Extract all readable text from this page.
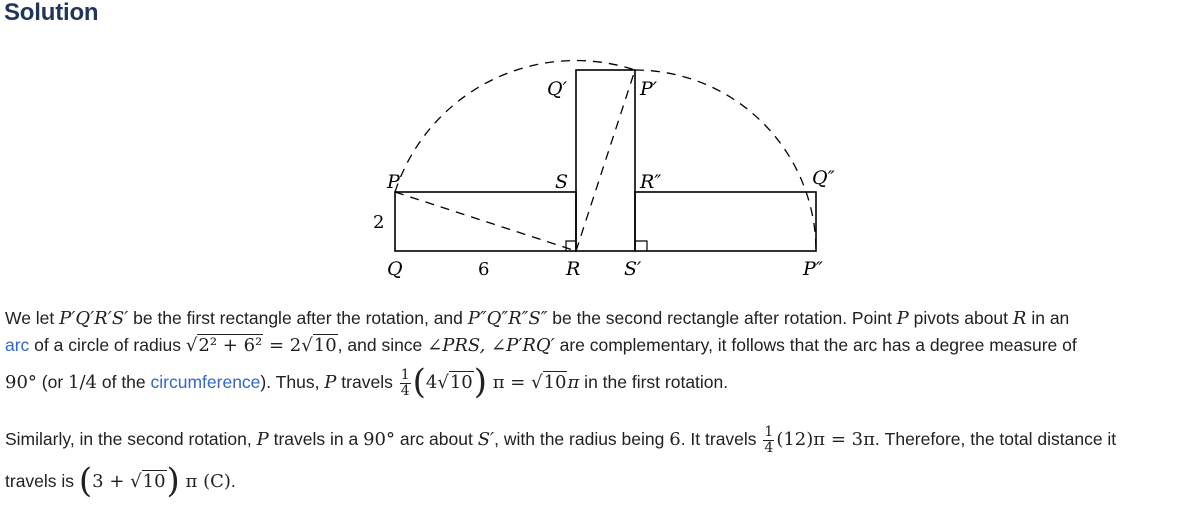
Solution
P
Q	R
S
Q′	P′
R″	Q″
S′	P″
2
6

We let P′Q′R′S′ be the first rectangle after the rotation, and P″Q″R″S″ be the second rectangle after rotation. Point P pivots about R in an

arc of a circle of radius √2² + 6² = 2√10, and since ∠PRS, ∠P′RQ′ are complementary, it follows that the arc has a degree measure of

90° (or 1/4 of the circumference). Thus, P travels $\frac{1}{4} (4√10) \pi = √10\pi$ in the first rotation.

Similarly, in the second rotation, P travels in a 90° arc about S′, with the radius being 6. It travels $\frac{1}{4} (12)\pi = 3\pi$. Therefore, the total distance it

travels is (3 + √10) π (C).
